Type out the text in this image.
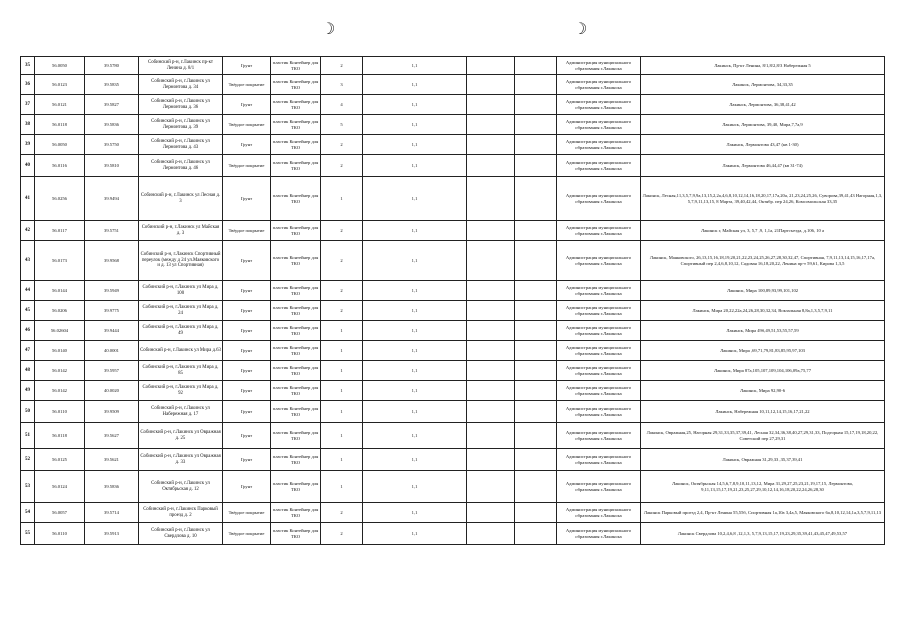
☽	☽
35	56.0050	39.5780	Собинский р-н, г.Лакинск пр-кт Ленина д. 8/1	Грунт	пластик Контейнер для ТКО	2	1,1			Администрация муниципального образования г.Лакинска	Лакинск, Пр-кт Ленина, 8/1,8/2,8/3 Набережная 5
36	56.0123	39.5835	Собинский р-н, г.Лакинск ул Лермонтова д. 34	Твёрдое покрытие	пластик Контейнер для ТКО	3	1,1			Администрация муниципального образования г.Лакинска	Лакинск, Лермонтова, 34,33,35
37	56.0121	39.5827	Собинский р-н, г.Лакинск ул Лермонтова д. 36	Грунт	пластик Контейнер для ТКО	4	1,1			Администрация муниципального образования г.Лакинска	Лакинск, Лермонтова, 36,38,41,42
38	56.0118	39.5836	Собинский р-н, г.Лакинск ул Лермонтова д. 39	Твёрдое покрытие	пластик Контейнер для ТКО	5	1,1			Администрация муниципального образования г.Лакинска	Лакинск, Лермонтова, 39,40, Мира,7,7а,9
39	56.0050	39.5750	Собинский р-н, г.Лакинск ул Лермонтова д. 43	Грунт	пластик Контейнер для ТКО	2	1,1			Администрация муниципального образования г.Лакинска	Лакинск, Лермонтова 43,47 (кв 1-30)
40	56.0116	39.5810	Собинский р-н, г.Лакинск ул Лермонтова д. 46	Твёрдое покрытие	пластик Контейнер для ТКО	2	1,1			Администрация муниципального образования г.Лакинска	Лакинск, Лермонтова 46,44,47 (кв 31-74)
41	56.0256	39.9494	Собинский р-н, г.Лакинск ул Лесная д. 3	Грунт	пластик Контейнер для ТКО	1	1,1			Администрация муниципального образования г.Лакинска	Лакинск, Лесная,11,3,5,7,9,9а,13,15,2,2а,4,6,8,10,12,14,16,18,20,17,17а,20а, 21,23,24,25,26, Суворова,39,41,43 Нагорная,1,3, 5,7,9,11,13,15, 8 Марта, 39,40,42,44, Октябр. пер 24,26, Комсомольская 33,35
42	56.0117	39.5751	Собинский р-н, г.Лакинск ул Майская д. 3	Твёрдое покрытие	пластик Контейнер для ТКО	2	1,1			Администрация муниципального образования г.Лакинска	Лакинск г, Майская ул, 3, 5,7 ,9, 1,1а, 21Партсъезда, д.106, 10 а
43	56.0173	39.9568	Собинский р-н, г.Лакинск Спортивный переулок (между д 24 ул.Маяковского и д. 13 ул Спортивная)	Грунт	пластик Контейнер для ТКО	2	1,1			Администрация муниципального образования г.Лакинска	Лакинск, Маяковского, 26,13,15,16,18,19,20,21,22,23,24,25,26,27,28,30,32,47, Спортивная, 7,9,11,13,14,15,16,17,17а, Спортивный пер 2,4,6,8,10,12, Садовая 16,18,20,22, Ленина пр-т 59,61, Кирова 1,3,5
44	56.0144	39.5949	Собинский р-н, г.Лакинск ул Мира д. 100	Грунт	пластик Контейнер для ТКО	2	1,1			Администрация муниципального образования г.Лакинска	Лакинск, Мира 100,89,93,99,101,102
45	56.0206	39.9775	Собинский р-н, г.Лакинск ул Мира д. 24	Грунт	пластик Контейнер для ТКО	2	1,1			Администрация муниципального образования г.Лакинска	Лакинск, Мира 20,22,22а,24,26,28,30,32,34, Вокзальная 8,8а,1,3,5,7,9,11
46	56.02604	39.9444	Собинский р-н, г.Лакинск ул Мира д. 49	Грунт	пластик Контейнер для ТКО	1	1,1			Администрация муниципального образования г.Лакинска	Лакинск, Мира 49б,49,51,53,55,57,59
47	56.0140	40.0001	Собинский р-н, г.Лакинск ул Мира д.63	Грунт	пластик Контейнер для ТКО	1	1,1			Администрация муниципального образования г.Лакинска	Лакинск, Мира ,69,71,79,81,83,85,95,97,103
48	56.0142	39.5957	Собинский р-н, г.Лакинск ул Мира д. 85	Грунт	пластик Контейнер для ТКО	1	1,1			Администрация муниципального образования г.Лакинска	Лакинск, Мира 87а,105,107,109,104,106,09а,75,77
49	56.0142	40.0020	Собинский р-н, г.Лакинск ул Мира д. 92	Грунт	пластик Контейнер для ТКО	1	1,1			Администрация муниципального образования г.Лакинска	Лакинск, Мира 92,90-6
50	56.0110	39.9509	Собинский р-н, г.Лакинск ул Набережная д. 17	Грунт	пластик Контейнер для ТКО	1	1,1			Администрация муниципального образования г.Лакинска	Лакинск, Набережная 10,11,12,14,15,16,17,21,22
51	56.0118	39.5627	Собинский р-н, г.Лакинск ул Овражная д. 25	Грунт	пластик Контейнер для ТКО	1	1,1			Администрация муниципального образования г.Лакинска	Лакинск, Овражная,25, Нагорная 29,31,33,35,37,39,41, Лесная 32,34,36,38,40,27,29,31,33, Подгорная 15,17,19,18,20,22, Советский пер 27,29,31
52	56.0125	39.5621	Собинский р-н, г.Лакинск ул Овражная д. 33	Грунт	пластик Контейнер для ТКО	1	1,1			Администрация муниципального образования г.Лакинска	Лакинск, Овражная 31,29,33 ,35,37,39,41
53	56.0124	39.5836	Собинский р-н, г.Лакинск ул Октябрьская д. 12	Грунт	пластик Контейнер для ТКО	1	1,1			Администрация муниципального образования г.Лакинска	Лакинск, Октябрьская 14,5,6,7,8,9,10,11,13,12, Мира 31,29,27,25,23,21,19,17,15, Лермонтова, 9,11,13,15,17,19,21,23,25,27,29,10,12,14,16,18,20,22,24,26,28,30
54	56.0057	39.5714	Собинский р-н, г.Лакинск Парковый проезд д. 2	Твёрдое покрытие	пластик Контейнер для ТКО	2	1,1			Администрация муниципального образования г.Лакинска	Лакинск Парковый проезд 2,4, Пр-кт Ленина 55,55б, Спортивная 1а,10а 3,4а,5, Маяковского 6а,8,10,12,14,1а,3,5,7,9,11,13
55	56.0110	39.5913	Собинский р-н, г.Лакинск ул Свердлова д. 10	Твёрдое покрытие	пластик Контейнер для ТКО	2	1,1			Администрация муниципального образования г.Лакинска	Лакинск Свердлова 10,2,4,6,8 ,12,1,3, 5,7,9,13,15,17,19,23,29,35,39,41,43,45,47,49,53,57
